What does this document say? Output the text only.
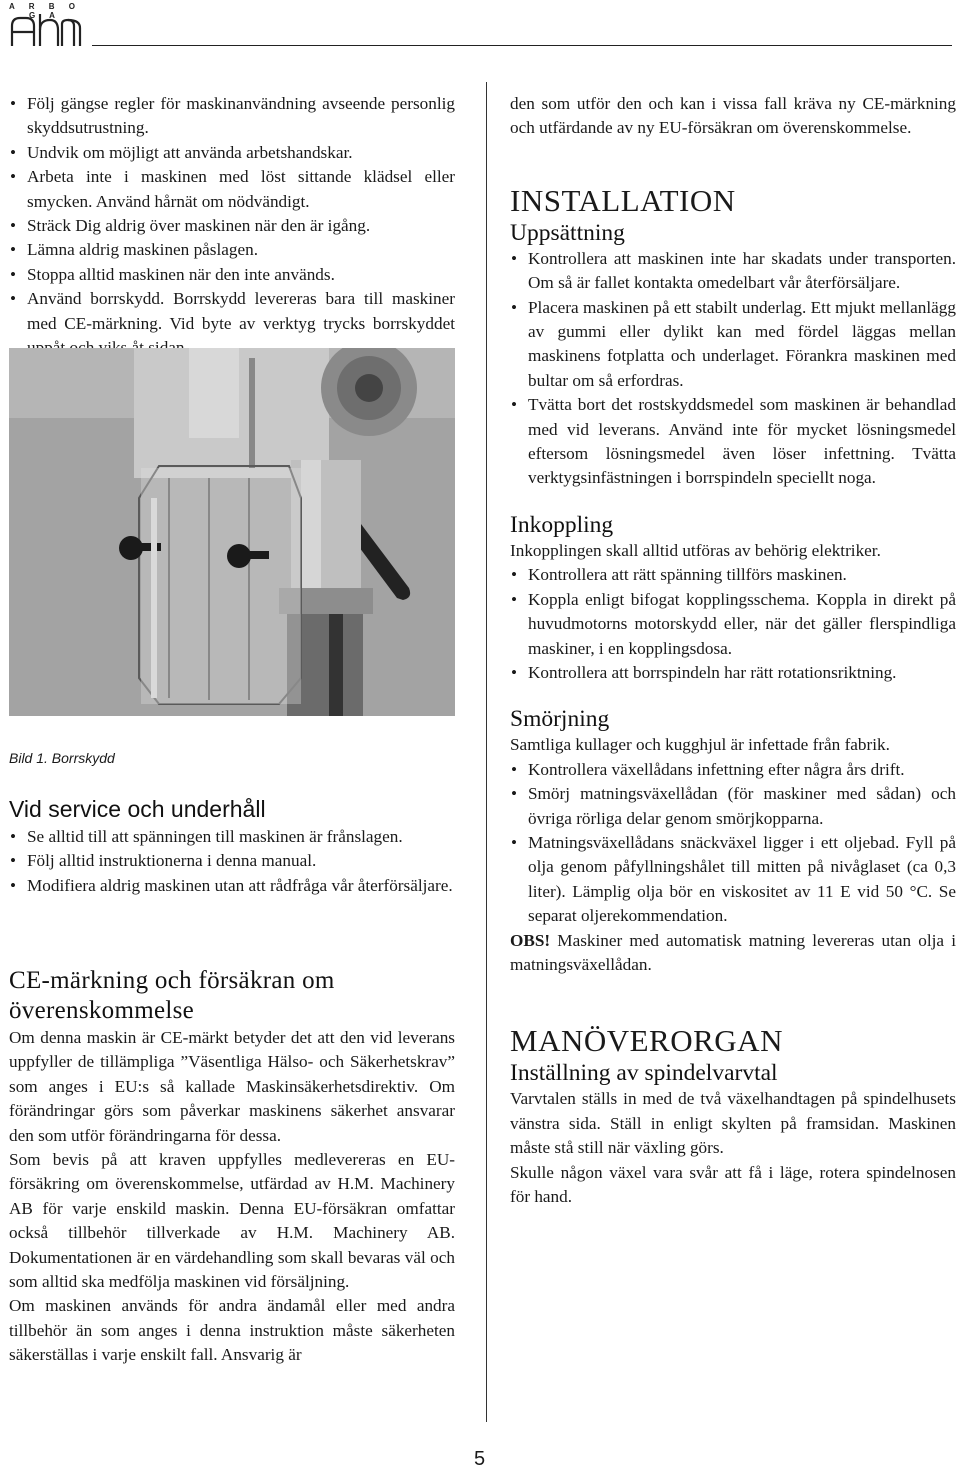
A R B O G A
• Följ gängse regler för maskinanvändning avseende personlig skyddsutrustning.
• Undvik om möjligt att använda arbetshandskar.
• Arbeta inte i maskinen med löst sittande klädsel eller smycken. Använd hårnät om nödvändigt.
• Sträck Dig aldrig över maskinen när den är igång.
• Lämna aldrig maskinen påslagen.
• Stoppa alltid maskinen när den inte används.
• Använd borrskydd. Borrskydd levereras bara till maskiner med CE-märkning. Vid byte av verktyg trycks borrskyddet
Bild 1. Borrskydd
Vid service och underhåll
• Se alltid till att spänningen till maskinen är frånslagen.
• Följ alltid instruktionerna i denna manual.
• Modifiera aldrig maskinen utan att rådfråga vår återförsäljare.
CE-märkning och försäkran om överenskommelse

Om denna maskin är CE-märkt betyder det att den vid leverans uppfyller de tillämpliga ”Väsentliga Hälso- och Säkerhetskrav” som anges i EU:s så kallade Maskinsäkerhetsdirektiv. Om förändringar görs som påverkar maskinens säkerhet ansvarar den som utför förändringarna för dessa.

Som bevis på att kraven uppfylles medlevereras en EU-försäkring om överenskommelse, utfärdad av H.M. Machinery AB för varje enskild maskin. Denna EU-försäkran omfattar också tillbehör tillverkade av H.M. Machinery AB. Dokumentationen är en värdehandling som skall bevaras väl och som alltid ska medfölja maskinen vid försäljning.

Om maskinen används för andra ändamål eller med andra tillbehör än som anges i denna instruktion måste säkerheten säkerställas i varje enskilt fall. Ansvarig är

den som utför den och kan i vissa fall kräva ny CE-märkning och utfärdande av ny EU-försäkran om överenskommelse.

INSTALLATION
Uppsättning
• Kontrollera att maskinen inte har skadats under transporten. Om så är fallet kontakta omedelbart vår återförsäljare.
• Placera maskinen på ett stabilt underlag. Ett mjukt mellanlägg av gummi eller dylikt kan med fördel läggas mellan maskinens fotplatta och underlaget. Förankra maskinen med bultar om så erfordras.
• Tvätta bort det rostskyddsmedel som maskinen är behandlad med vid leverans. Använd inte för mycket lösningsmedel eftersom lösningsmedel även löser infettning. Tvätta verktygsinfästningen i borrspindeln speciellt noga.
Inkoppling

Inkopplingen skall alltid utföras av behörig elektriker.

• Kontrollera att rätt spänning tillförs maskinen.
• Koppla enligt bifogat kopplingsschema. Koppla in direkt på huvudmotorns motorskydd eller, när det gäller flerspindliga maskiner, i en kopplingsdosa.
• Kontrollera att borrspindeln har rätt rotationsriktning.
Smörjning

Samtliga kullager och kugghjul är infettade från fabrik.

• Kontrollera växellådans infettning efter några års drift.
• Smörj matningsväxellådan (för maskiner med sådan) och övriga rörliga delar genom smörjkopparna.
• Matningsväxellådans snäckväxel ligger i ett oljebad. Fyll på olja genom påfyllningshålet till mitten på nivåglaset (ca 0,3 liter). Lämplig olja bör en viskositet av 11 E vid 50 °C. Se separat oljerekommendation.

OBS! Maskiner med automatisk matning levereras utan olja i matningsväxellådan.

MANÖVERORGAN
Inställning av spindelvarvtal

Varvtalen ställs in med de två växelhandtagen på spindelhusets vänstra sida. Ställ in enligt skylten på framsidan. Maskinen måste stå still när växling görs.

Skulle någon växel vara svår att få i läge, rotera spindelnosen för hand.

5
